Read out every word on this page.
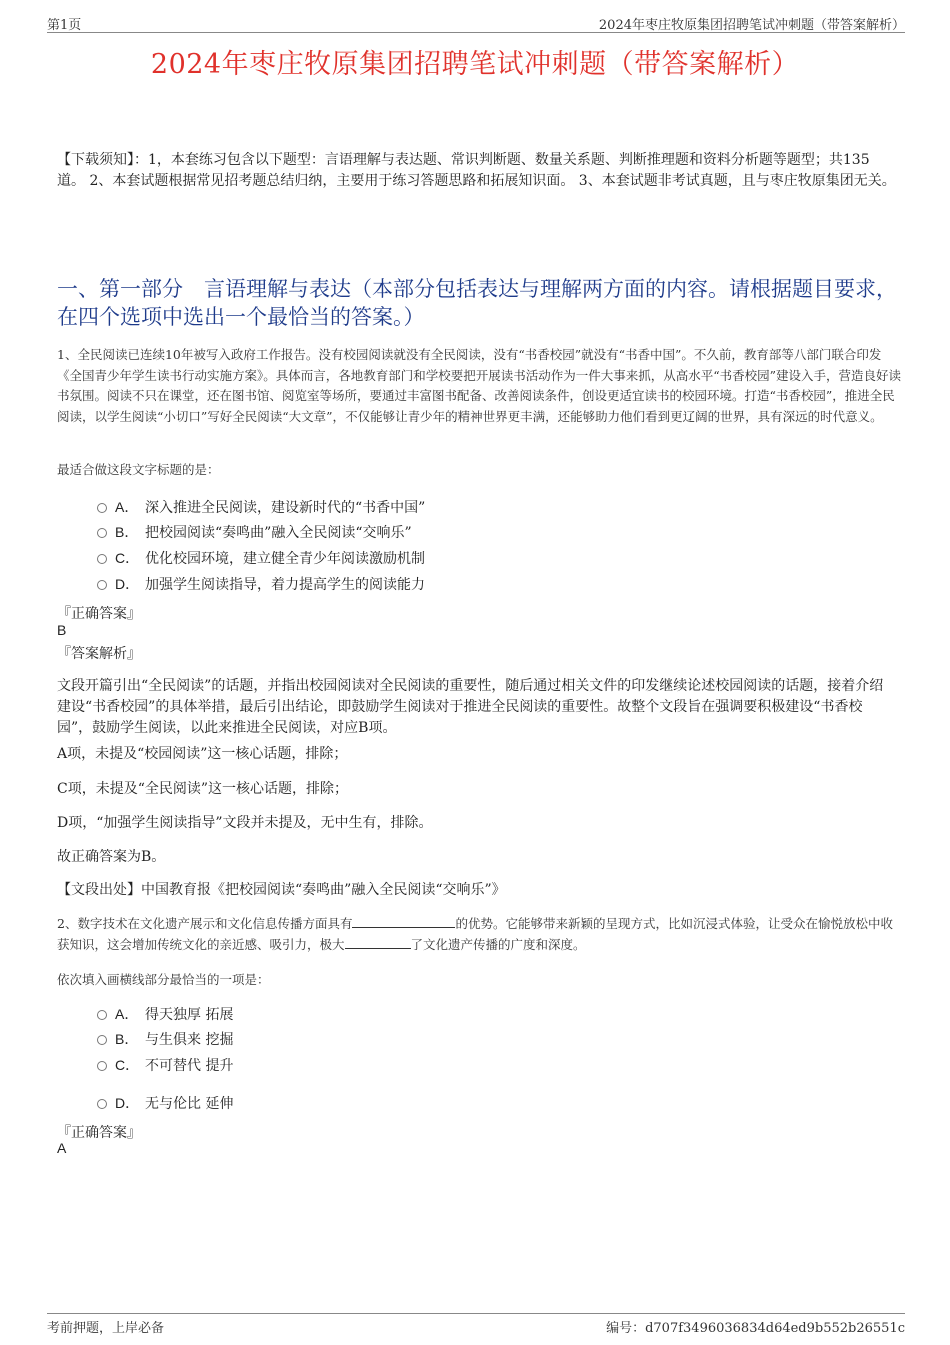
第1页	2024年枣庄牧原集团招聘笔试冲刺题（带答案解析）
2024年枣庄牧原集团招聘笔试冲刺题（带答案解析）
【下载须知】：1，本套练习包含以下题型：言语理解与表达题、常识判断题、数量关系题、判断推理题和资料分析题等题型；共135道。 2、本套试题根据常见招考题总结归纳，主要用于练习答题思路和拓展知识面。 3、本套试题非考试真题，且与枣庄牧原集团无关。
一、第一部分　言语理解与表达（本部分包括表达与理解两方面的内容。请根据题目要求，在四个选项中选出一个最恰当的答案。）
1、全民阅读已连续10年被写入政府工作报告。没有校园阅读就没有全民阅读，没有“书香校园”就没有“书香中国”。不久前，教育部等八部门联合印发《全国青少年学生读书行动实施方案》。具体而言，各地教育部门和学校要把开展读书活动作为一件大事来抓，从高水平“书香校园”建设入手，营造良好读书氛围。阅读不只在课堂，还在图书馆、阅览室等场所，要通过丰富图书配备、改善阅读条件，创设更适宜读书的校园环境。打造“书香校园”，推进全民阅读，以学生阅读“小切口”写好全民阅读“大文章”，不仅能够让青少年的精神世界更丰满，还能够助力他们看到更辽阔的世界，具有深远的时代意义。
最适合做这段文字标题的是：
A． 深入推进全民阅读，建设新时代的“书香中国”
B． 把校园阅读“奏鸣曲”融入全民阅读“交响乐”
C． 优化校园环境，建立健全青少年阅读激励机制
D． 加强学生阅读指导，着力提高学生的阅读能力
『正确答案』
B
『答案解析』
文段开篇引出“全民阅读”的话题，并指出校园阅读对全民阅读的重要性，随后通过相关文件的印发继续论述校园阅读的话题，接着介绍建设“书香校园”的具体举措，最后引出结论，即鼓励学生阅读对于推进全民阅读的重要性。故整个文段旨在强调要积极建设“书香校园”，鼓励学生阅读，以此来推进全民阅读，对应B项。
A项，未提及“校园阅读”这一核心话题，排除；
C项，未提及“全民阅读”这一核心话题，排除；
D项，“加强学生阅读指导”文段并未提及，无中生有，排除。
故正确答案为B。
【文段出处】中国教育报《把校园阅读“奏鸣曲”融入全民阅读“交响乐”》
2、数字技术在文化遗产展示和文化信息传播方面具有	的优势。它能够带来新颖的呈现方式，比如沉浸式体验，让受众在愉悦放松中收获知识，这会增加传统文化的亲近感、吸引力，极大	了文化遗产传播的广度和深度。
依次填入画横线部分最恰当的一项是：
A． 得天独厚 拓展
B． 与生俱来 挖掘
C． 不可替代 提升
D． 无与伦比 延伸
『正确答案』
A
考前押题，上岸必备	编号：d707f3496036834d64ed9b552b26551c
